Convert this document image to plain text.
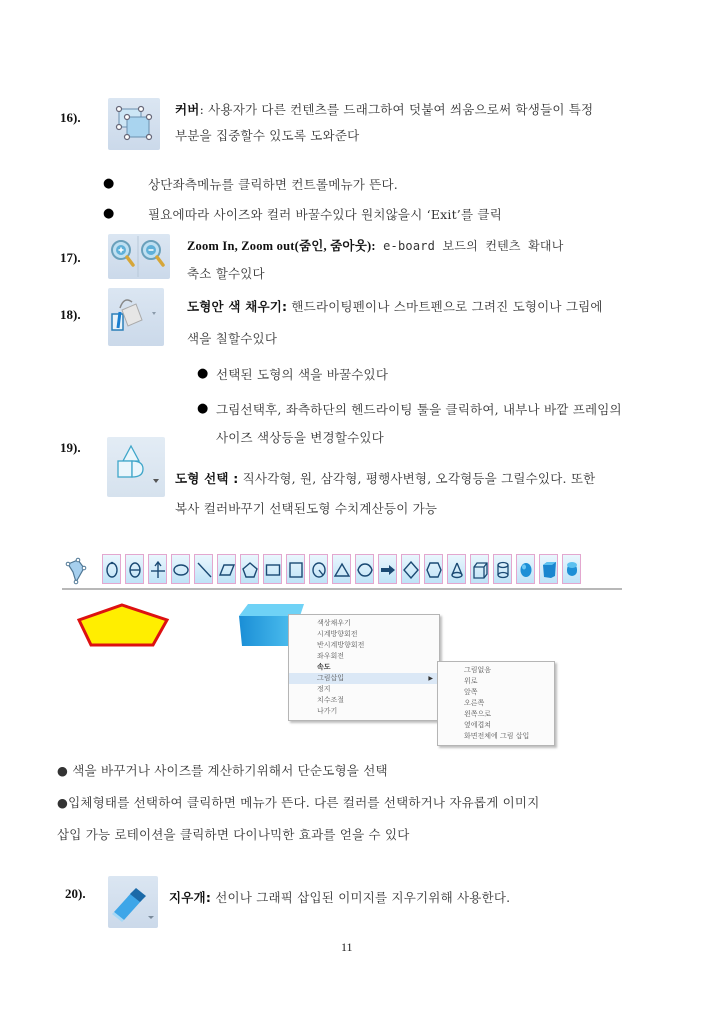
16).
커버: 사용자가 다른 컨텐츠를 드래그하여 덧붙여 씌움으로써 학생들이 특정
부분을 집중할수 있도록 도와준다
●	상단좌측메뉴를 클릭하면 컨트롤메뉴가 뜬다.
●	필요에따라 사이즈와 컬러 바꿀수있다 원치않을시 ‘Exit’를 클릭
17).
Zoom In, Zoom out(줌인, 줌아웃): e-board 보드의 컨텐츠 확대나
축소 할수있다
18).
도형안 색 채우기: 핸드라이팅펜이나 스마트펜으로 그려진 도형이나 그림에
색을 칠할수있다
● 선택된 도형의 색을 바꿀수있다
● 그림선택후, 좌측하단의 헨드라이팅 툴을 클릭하여, 내부나 바깥 프레임의
사이즈 색상등을 변경할수있다
19).
도형 선택 : 직사각형, 원, 삼각형, 평행사변형, 오각형등을 그릴수있다. 또한
복사 컬러바꾸기 선택된도형 수치계산등이 가능
색상채우기
시계방향회전
반시계방향회전
좌우회전
속도
그림삽입	▶
정지
치수조절
나가기
그림없음
위로
앞쪽
오른쪽
왼쪽으로
옆에겹쳐
화면전체에 그림 삽입
● 색을 바꾸거나 사이즈를 계산하기위해서 단순도형을 선택
●입체형태를 선택하여 클릭하면 메뉴가 뜬다. 다른 컬러를 선택하거나 자유롭게 이미지
삽입 가능 로테이션을 클릭하면 다이나믹한 효과를 얻을 수 있다
20).	지우개: 선이나 그래픽 삽입된 이미지를 지우기위해 사용한다.
11
